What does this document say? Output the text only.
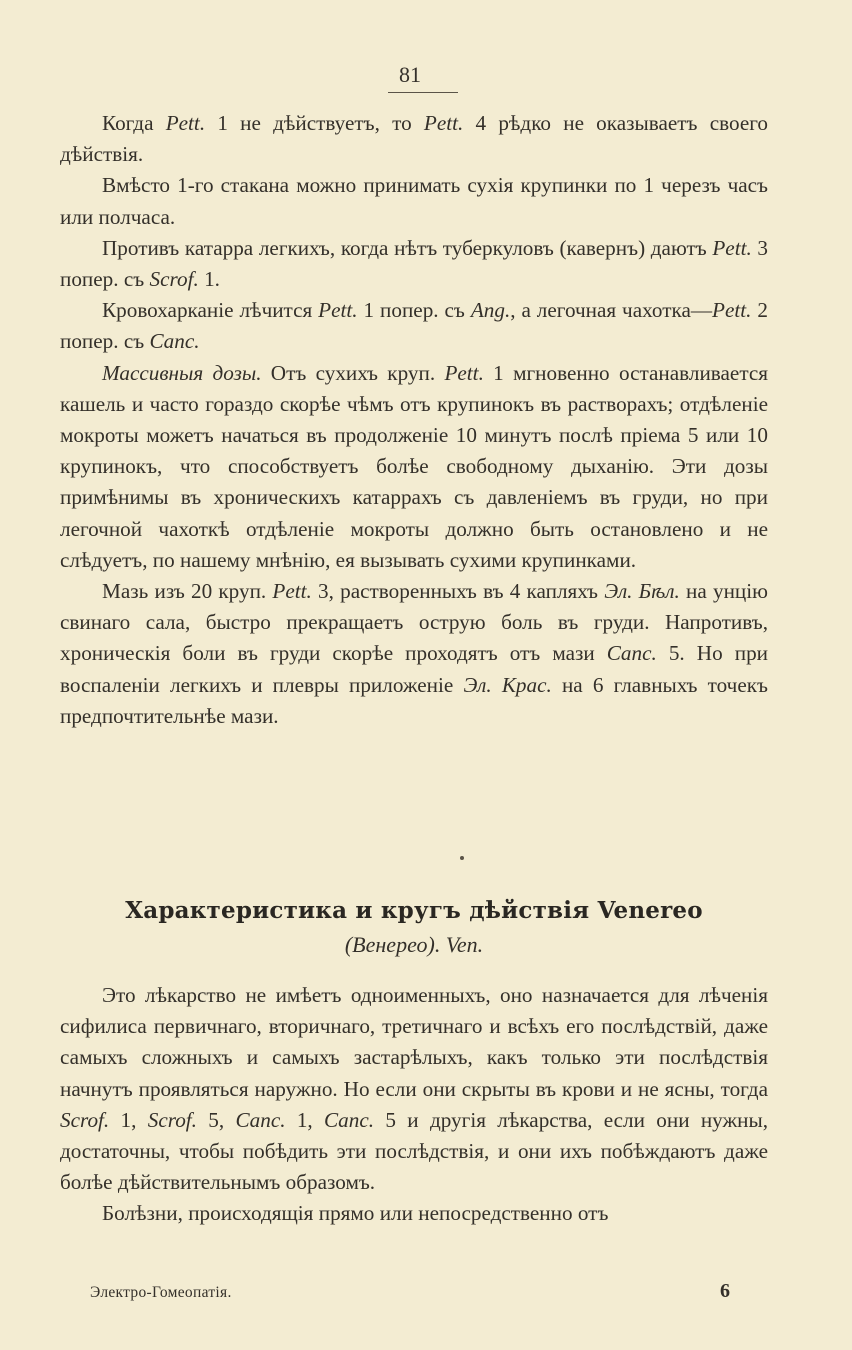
81

Когда Pett. 1 не дѣйствуетъ, то Pett. 4 рѣдко не оказываетъ своего дѣйствія.

Вмѣсто 1-го стакана можно принимать сухія крупинки по 1 черезъ часъ или полчаса.

Противъ катарра легкихъ, когда нѣтъ туберкуловъ (кавернъ) даютъ Pett. 3 попер. съ Scrof. 1.

Кровохарканіе лѣчится Pett. 1 попер. съ Ang., а легочная чахотка—Pett. 2 попер. съ Canc.

Массивныя дозы. Отъ сухихъ круп. Pett. 1 мгновенно останавливается кашель и часто гораздо скорѣе чѣмъ отъ крупинокъ въ растворахъ; отдѣленіе мокроты можетъ начаться въ продолженіе 10 минутъ послѣ пріема 5 или 10 крупинокъ, что способствуетъ болѣе свободному дыханію. Эти дозы примѣнимы въ хроническихъ катаррахъ съ давленіемъ въ груди, но при легочной чахоткѣ отдѣленіе мокроты должно быть остановлено и не слѣдуетъ, по нашему мнѣнію, ея вызывать сухими крупинками.

Мазь изъ 20 круп. Pett. 3, растворенныхъ въ 4 капляхъ Эл. Бѣл. на унцію свинаго сала, быстро прекращаетъ острую боль въ груди. Напротивъ, хроническія боли въ груди скорѣе проходятъ отъ мази Canc. 5. Но при воспаленіи легкихъ и плевры приложеніе Эл. Крас. на 6 главныхъ точекъ предпочтительнѣе мази.

Характеристика и кругъ дѣйствія Venereo
(Венерео). Ven.

Это лѣкарство не имѣетъ одноименныхъ, оно назначается для лѣченія сифилиса первичнаго, вторичнаго, третичнаго и всѣхъ его послѣдствій, даже самыхъ сложныхъ и самыхъ застарѣлыхъ, какъ только эти послѣдствія начнутъ проявляться наружно. Но если они скрыты въ крови и не ясны, тогда Scrof. 1, Scrof. 5, Canc. 1, Canc. 5 и другія лѣкарства, если они нужны, достаточны, чтобы побѣдить эти послѣдствія, и они ихъ побѣждаютъ даже болѣе дѣйствительнымъ образомъ.

Болѣзни, происходящія прямо или непосредственно отъ

Электро-Гомеопатія.	6
